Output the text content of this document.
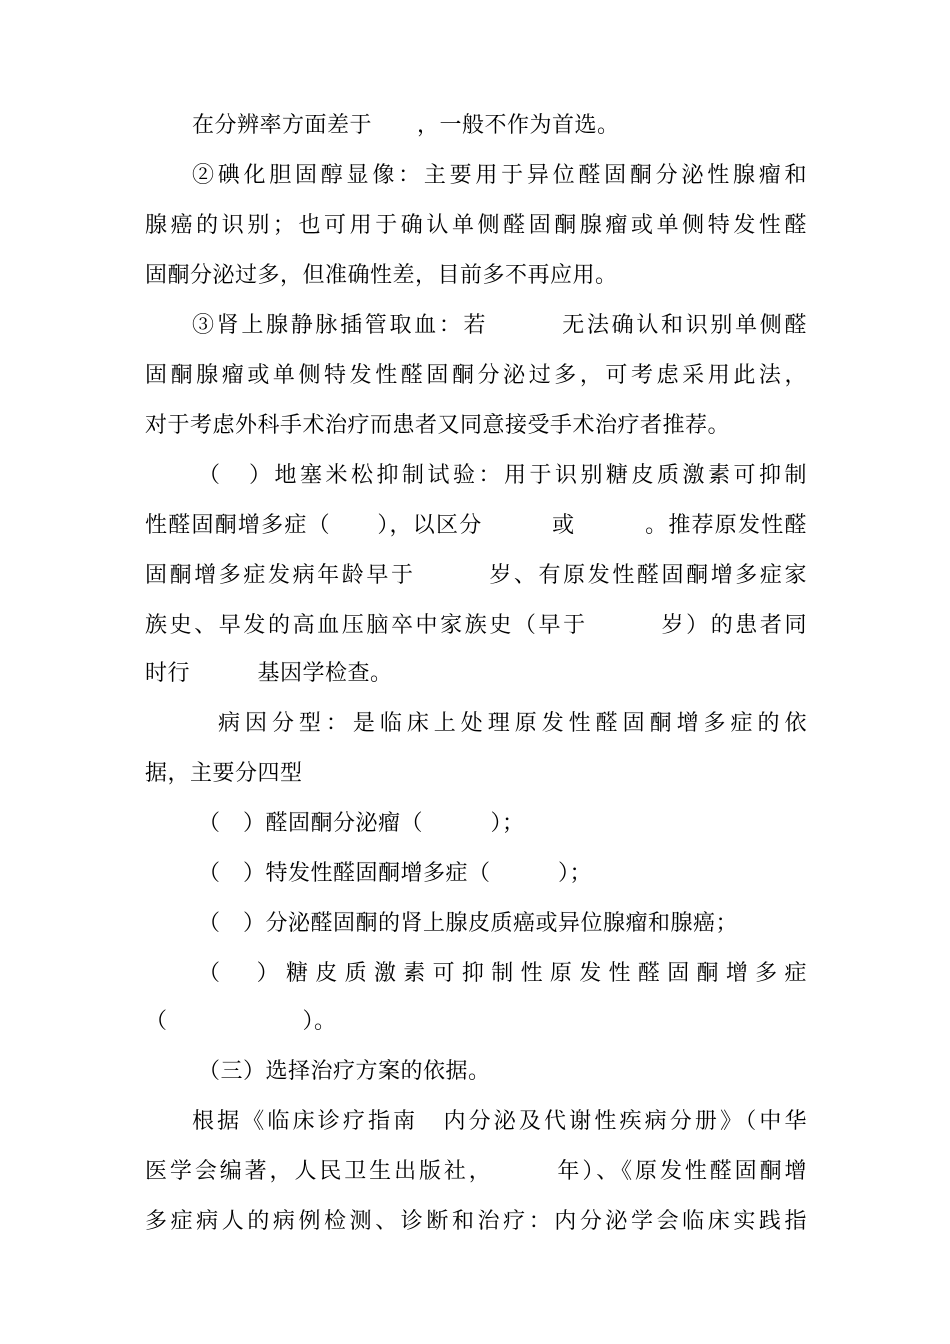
在分辨率方面差于　　，一般不作为首选。

②碘化胆固醇显像：主要用于异位醛固酮分泌性腺瘤和

腺癌的识别；也可用于确认单侧醛固酮腺瘤或单侧特发性醛

固酮分泌过多，但准确性差，目前多不再应用。

③肾上腺静脉插管取血：若　　　无法确认和识别单侧醛

固酮腺瘤或单侧特发性醛固酮分泌过多，可考虑采用此法，

对于考虑外科手术治疗而患者又同意接受手术治疗者推荐。

（　）地塞米松抑制试验：用于识别糖皮质激素可抑制

性醛固酮增多症（　　），以区分　　　或　　　。推荐原发性醛

固酮增多症发病年龄早于　　　岁、有原发性醛固酮增多症家

族史、早发的高血压脑卒中家族史（早于　　　岁）的患者同

时行　　　基因学检查。

病因分型：是临床上处理原发性醛固酮增多症的依

据，主要分四型

（　）醛固酮分泌瘤（　　　）；

（　）特发性醛固酮增多症（　　　）；

（　）分泌醛固酮的肾上腺皮质癌或异位腺瘤和腺癌；

（　）糖皮质激素可抑制性原发性醛固酮增多症

（　　　　　　）。

（三）选择治疗方案的依据。

根据《临床诊疗指南　内分泌及代谢性疾病分册》（中华

医学会编著，人民卫生出版社，　　　年）、《原发性醛固酮增

多症病人的病例检测、诊断和治疗：内分泌学会临床实践指
